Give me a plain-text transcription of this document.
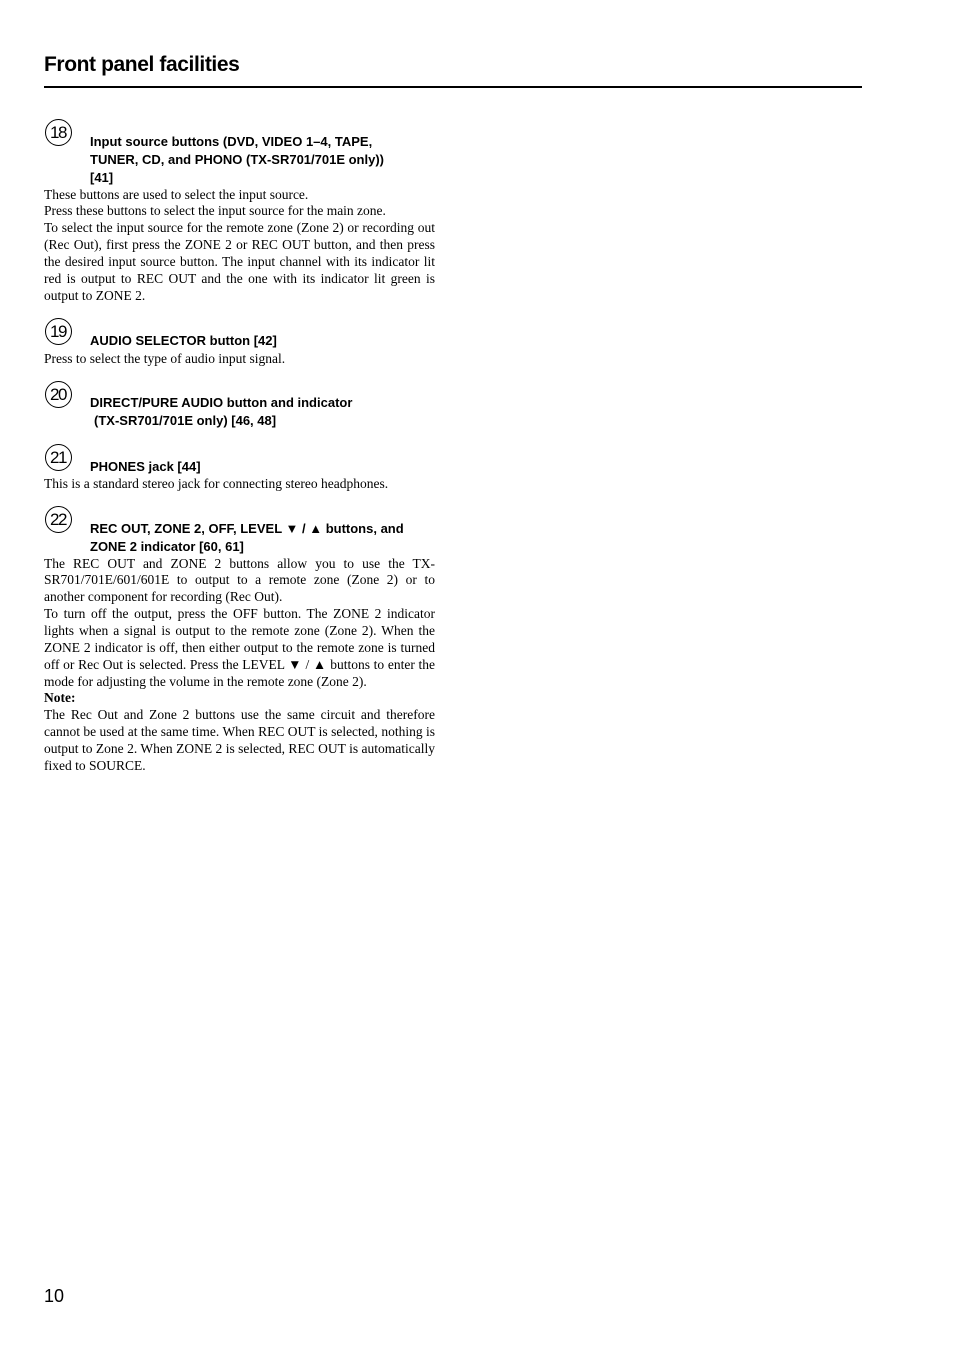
Front panel facilities
18	Input source buttons (DVD, VIDEO 1–4, TAPE,
TUNER, CD, and PHONO (TX-SR701/701E only))
[41]

These buttons are used to select the input source.

Press these buttons to select the input source for the main zone.

To select the input source for the remote zone (Zone 2) or recording out (Rec Out), first press the ZONE 2 or REC OUT button, and then press the desired input source button. The input channel with its indicator lit red is output to REC OUT and the one with its indicator lit green is output to ZONE 2.

19	AUDIO SELECTOR button [42]

Press to select the type of audio input signal.

20	DIRECT/PURE AUDIO button and indicator
(TX-SR701/701E only) [46, 48]
21	PHONES jack [44]

This is a standard stereo jack for connecting stereo headphones.

22	REC OUT, ZONE 2, OFF, LEVEL ▼ / ▲ buttons, and
ZONE 2 indicator [60, 61]

The REC OUT and ZONE 2 buttons allow you to use the TX-SR701/701E/601/601E to output to a remote zone (Zone 2) or to another component for recording (Rec Out).

To turn off the output, press the OFF button. The ZONE 2 indicator lights when a signal is output to the remote zone (Zone 2). When the ZONE 2 indicator is off, then either output to the remote zone is turned off or Rec Out is selected. Press the LEVEL ▼ / ▲ buttons to enter the mode for adjusting the volume in the remote zone (Zone 2).

Note:

The Rec Out and Zone 2 buttons use the same circuit and therefore cannot be used at the same time. When REC OUT is selected, nothing is output to Zone 2. When ZONE 2 is selected, REC OUT is automatically fixed to SOURCE.

10
